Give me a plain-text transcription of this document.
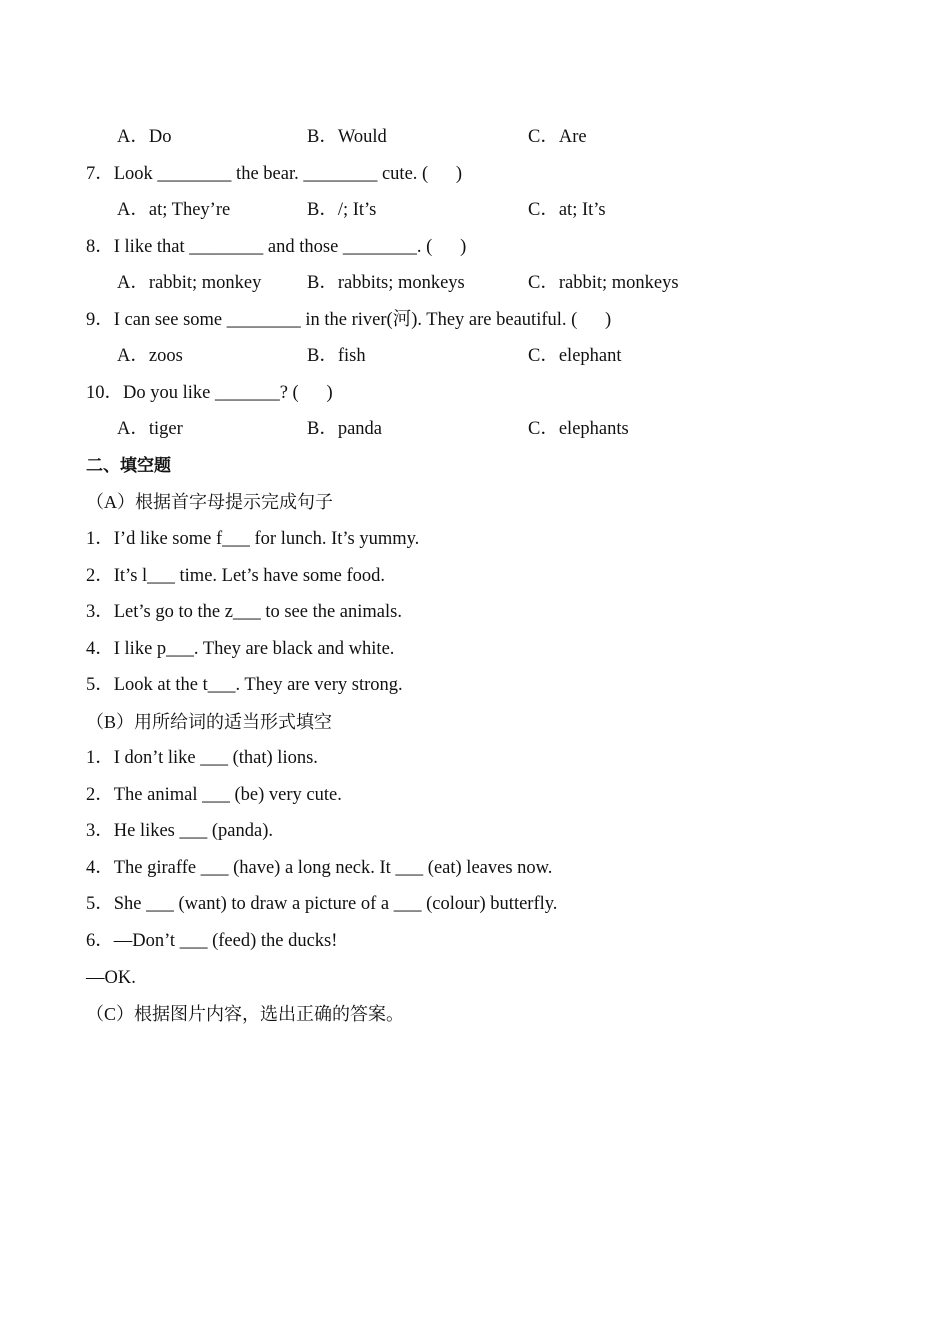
A．Do	B．Would	C．Are
7．Look ________ the bear. ________ cute. (      )
A．at; They’re	B．/; It’s	C．at; It’s
8．I like that ________ and those ________. (      )
A．rabbit; monkey B．rabbits; monkeys	C．rabbit; monkeys
9．I can see some ________ in the river(河). They are beautiful. (      )
A．zoos	B．fish	C．elephant
10．Do you like _______? (      )
A．tiger	B．panda	C．elephants
二、填空题
（A）根据首字母提示完成句子
1．I’d like some f___ for lunch. It’s yummy.
2．It’s l___ time. Let’s have some food.
3．Let’s go to the z___ to see the animals.
4．I like p___. They are black and white.
5．Look at the t___. They are very strong.
（B）用所给词的适当形式填空
1．I don’t like ___ (that) lions.
2．The animal ___ (be) very cute.
3．He likes ___ (panda).
4．The giraffe ___ (have) a long neck. It ___ (eat) leaves now.
5．She ___ (want) to draw a picture of a ___ (colour) butterfly.
6．—Don’t ___ (feed) the ducks!
—OK.
（C）根据图片内容，选出正确的答案。
